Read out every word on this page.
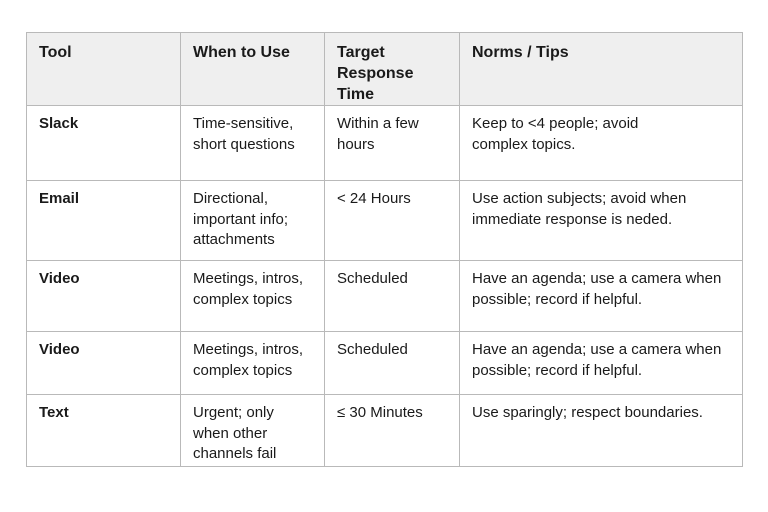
Tool	When to Use	Target Response Time	Norms / Tips
Slack	Time-sensitive, short questions	Within a few hours	Keep to <4 people; avoid complex topics.
Email	Directional, important info; attachments	< 24 Hours	Use action subjects; avoid when immediate response is neded.
Video	Meetings, intros, complex topics	Scheduled	Have an agenda; use a camera when possible; record if helpful.
Video	Meetings, intros, complex topics	Scheduled	Have an agenda; use a camera when possible; record if helpful.
Text	Urgent; only when other channels fail	≤ 30 Minutes	Use sparingly; respect boundaries.
